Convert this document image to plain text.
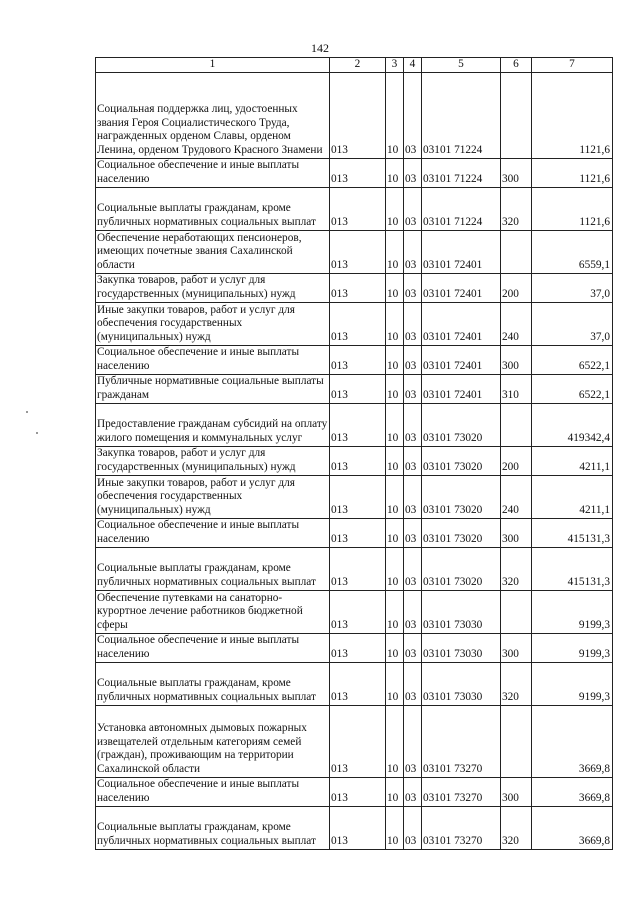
142
1	2	3	4	5	6	7
Социальная поддержка лиц, удостоенных звания Героя Социалистического Труда, награжденных орденом Славы, орденом Ленина, орденом Трудового Красного Знамени	013	10	03	03101 71224		1121,6
Социальное обеспечение и иные выплаты населению	013	10	03	03101 71224	300	1121,6
Социальные выплаты гражданам, кроме публичных нормативных социальных выплат	013	10	03	03101 71224	320	1121,6
Обеспечение неработающих пенсионеров, имеющих почетные звания Сахалинской области	013	10	03	03101 72401		6559,1
Закупка товаров, работ и услуг для государственных (муниципальных) нужд	013	10	03	03101 72401	200	37,0
Иные закупки товаров, работ и услуг для обеспечения государственных (муниципальных) нужд	013	10	03	03101 72401	240	37,0
Социальное обеспечение и иные выплаты населению	013	10	03	03101 72401	300	6522,1
Публичные нормативные социальные выплаты гражданам	013	10	03	03101 72401	310	6522,1
Предоставление гражданам субсидий на оплату жилого помещения и коммунальных услуг	013	10	03	03101 73020		419342,4
Закупка товаров, работ и услуг для государственных (муниципальных) нужд	013	10	03	03101 73020	200	4211,1
Иные закупки товаров, работ и услуг для обеспечения государственных (муниципальных) нужд	013	10	03	03101 73020	240	4211,1
Социальное обеспечение и иные выплаты населению	013	10	03	03101 73020	300	415131,3
Социальные выплаты гражданам, кроме публичных нормативных социальных выплат	013	10	03	03101 73020	320	415131,3
Обеспечение путевками на санаторно-курортное лечение работников бюджетной сферы	013	10	03	03101 73030		9199,3
Социальное обеспечение и иные выплаты населению	013	10	03	03101 73030	300	9199,3
Социальные выплаты гражданам, кроме публичных нормативных социальных выплат	013	10	03	03101 73030	320	9199,3
Установка автономных дымовых пожарных извещателей отдельным категориям семей (граждан), проживающим на территории Сахалинской области	013	10	03	03101 73270		3669,8
Социальное обеспечение и иные выплаты населению	013	10	03	03101 73270	300	3669,8
Социальные выплаты гражданам, кроме публичных нормативных социальных выплат	013	10	03	03101 73270	320	3669,8
